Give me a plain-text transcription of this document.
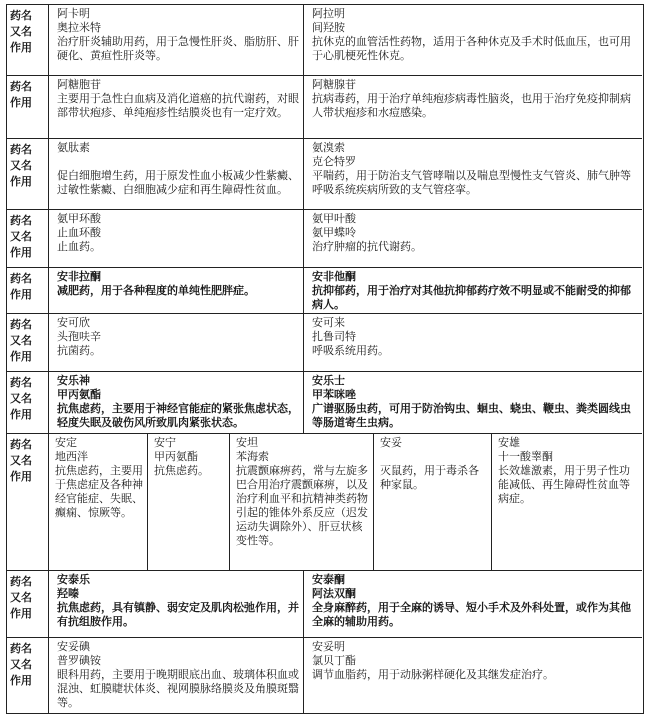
药名
又名
作用
阿卡明
奥拉米特
治疗肝炎辅助用药，用于急慢性肝炎、脂肪肝、肝硬化、黄疸性肝炎等。
阿拉明
间羟胺
抗休克的血管活性药物，适用于各种休克及手术时低血压，也可用于心肌梗死性休克。
药名
作用
阿糖胞苷
主要用于急性白血病及消化道癌的抗代谢药，对眼部带状疱疹、单纯疱疹性结膜炎也有一定疗效。
阿糖腺苷
抗病毒药，用于治疗单纯疱疹病毒性脑炎，也用于治疗免疫抑制病人带状疱疹和水痘感染。
药名
又名
作用
氨肽素

促白细胞增生药，用于原发性血小板减少性紫癜、过敏性紫癜、白细胞减少症和再生障碍性贫血。
氨溴索
克仑特罗
平喘药，用于防治支气管哮喘以及喘息型慢性支气管炎、肺气肿等呼吸系统疾病所致的支气管痉挛。
药名
又名
作用
氨甲环酸
止血环酸
止血药。
氨甲叶酸
氨甲蝶呤
治疗肿瘤的抗代谢药。
药名
作用
安非拉酮
减肥药，用于各种程度的单纯性肥胖症。
安非他酮
抗抑郁药，用于治疗对其他抗抑郁药疗效不明显或不能耐受的抑郁病人。
药名
又名
作用
安可欣
头孢呋辛
抗菌药。
安可来
扎鲁司特
呼吸系统用药。
药名
又名
作用
安乐神
甲丙氨酯
抗焦虑药，主要用于神经官能症的紧张焦虑状态，轻度失眠及破伤风所致肌肉紧张状态。
安乐士
甲苯咪唑
广谱驱肠虫药，可用于防治钩虫、蛔虫、蛲虫、鞭虫、粪类圆线虫等肠道寄生虫病。
药名
又名
作用
安定
地西泮
抗焦虑药，主要用于焦虑症及各种神经官能症、失眠、癫痫、惊厥等。
安宁
甲丙氨酯
抗焦虑药。
安坦
苯海索
抗震颤麻痹药，常与左旋多巴合用治疗震颤麻痹，以及治疗利血平和抗精神类药物引起的锥体外系反应（迟发运动失调除外）、肝豆状核变性等。
安妥

灭鼠药，用于毒杀各种家鼠。
安雄
十一酸睾酮
长效雄激素，用于男子性功能减低、再生障碍性贫血等病症。
药名
又名
作用
安泰乐
羟嗪
抗焦虑药，具有镇静、弱安定及肌肉松弛作用，并有抗组胺作用。
安泰酮
阿法双酮
全身麻醉药，用于全麻的诱导、短小手术及外科处置，或作为其他全麻的辅助用药。
药名
又名
作用
安妥碘
普罗碘铵
眼科用药，主要用于晚期眼底出血、玻璃体积血或混浊、虹膜睫状体炎、视网膜脉络膜炎及角膜斑翳等。
安妥明
氯贝丁酯
调节血脂药，用于动脉粥样硬化及其继发症治疗。
